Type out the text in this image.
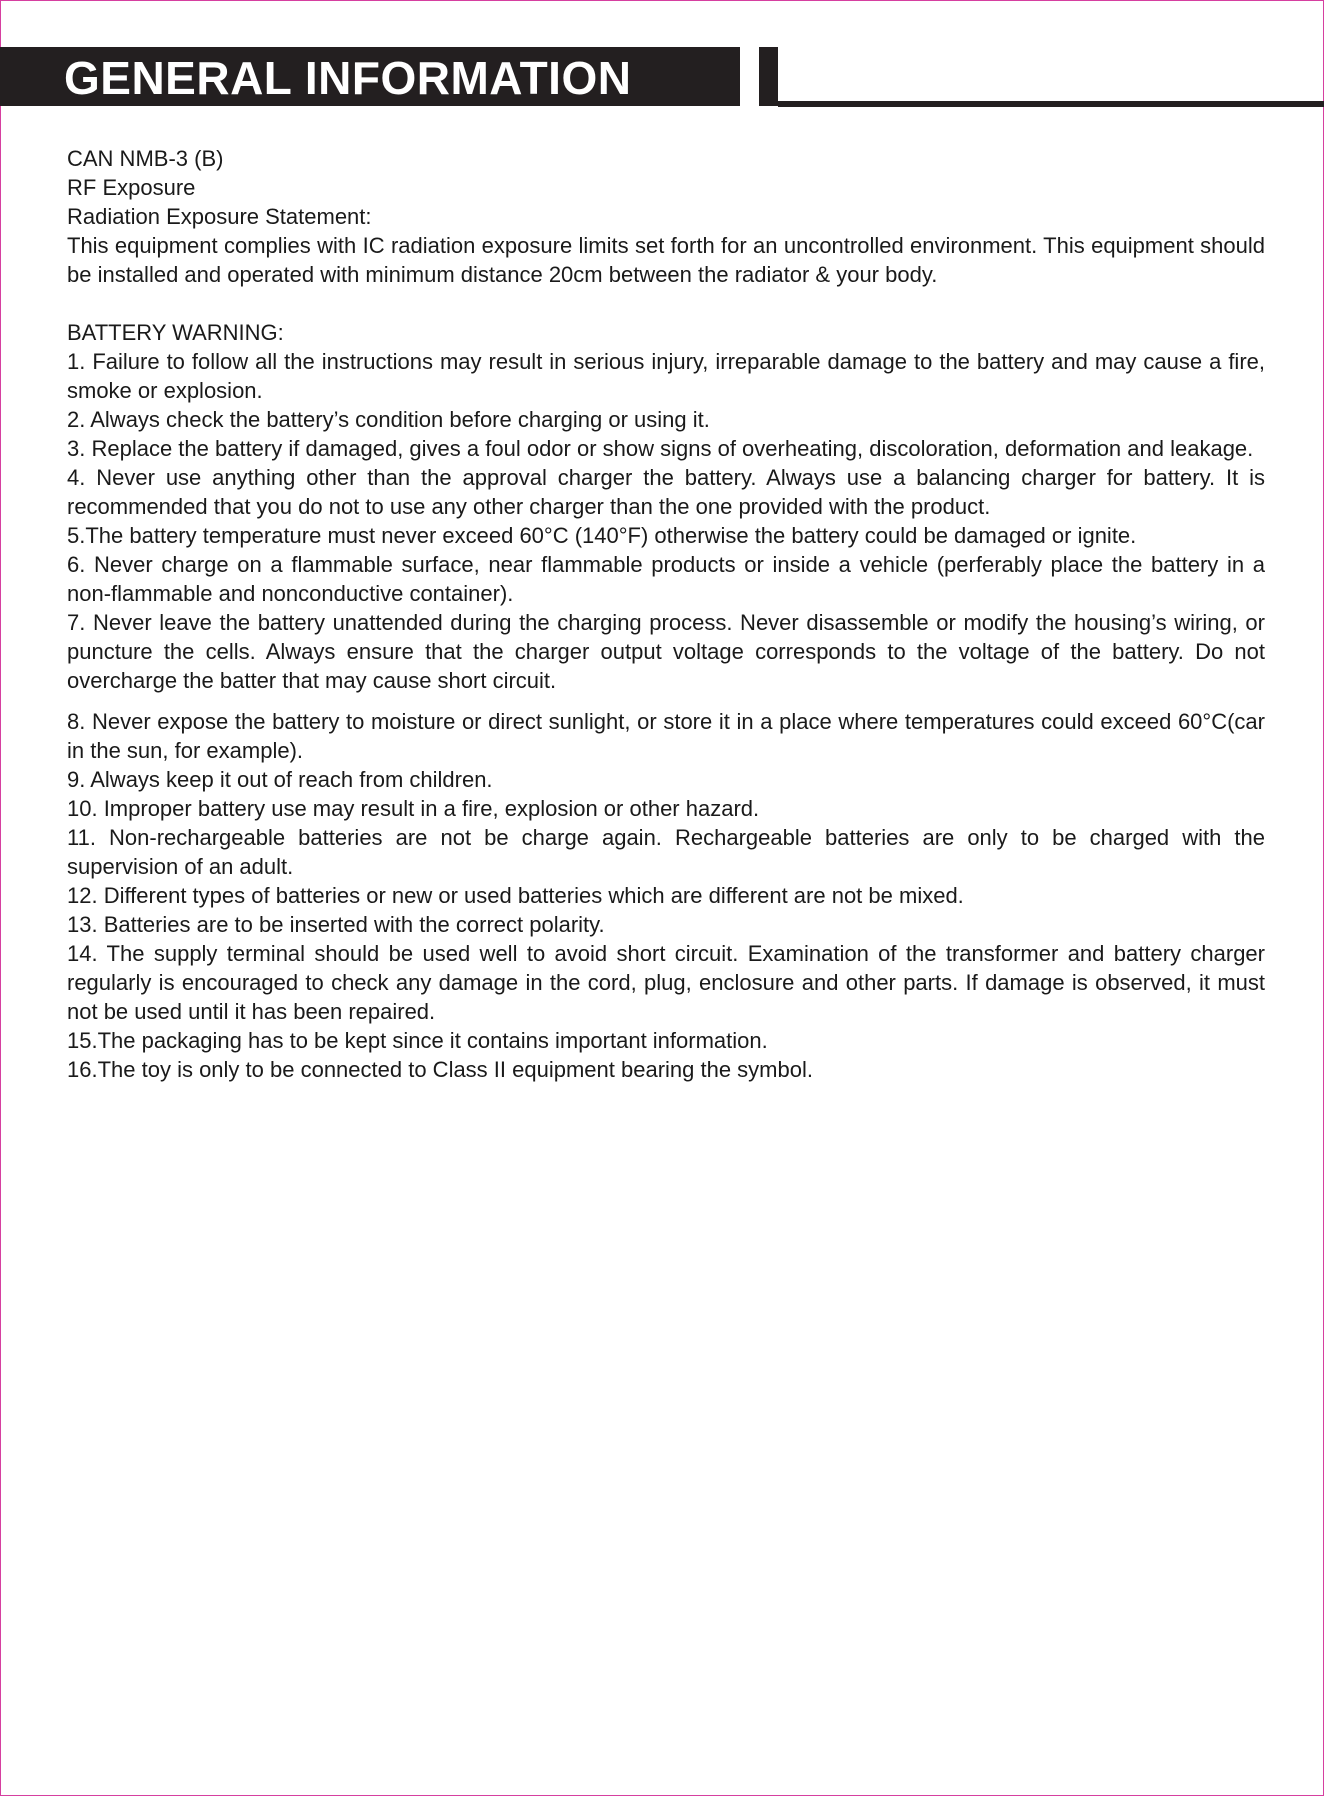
GENERAL INFORMATION

CAN NMB-3 (B)

RF Exposure

Radiation Exposure Statement:

This equipment complies with IC radiation exposure limits set forth for an uncontrolled environment. This equipment should be installed and operated with minimum distance 20cm between the radiator & your body.

BATTERY WARNING:

1. Failure to follow all the instructions may result in serious injury, irreparable damage to the battery and may cause a fire, smoke or explosion.

2. Always check the battery’s condition before charging or using it.

3. Replace the battery if damaged, gives a foul odor or show signs of overheating, discoloration, deformation and leakage.

4. Never use anything other than the approval charger the battery. Always use a balancing charger for battery. It is recommended that you do not to use any other charger than the one provided with the product.

5.The battery temperature must never exceed 60°C (140°F) otherwise the battery could be damaged or ignite.

6. Never charge on a flammable surface, near flammable products or inside a vehicle (perferably place the battery in a non-flammable and nonconductive container).

7. Never leave the battery unattended during the charging process. Never disassemble or modify the housing’s wiring, or puncture the cells. Always ensure that the charger output voltage corresponds to the voltage of the battery. Do not overcharge the batter that may cause short circuit.

8. Never expose the battery to moisture or direct sunlight, or store it in a place where temperatures could exceed 60°C(car in the sun, for example).

9. Always keep it out of reach from children.

10. Improper battery use may result in a fire, explosion or other hazard.

11. Non-rechargeable batteries are not be charge again. Rechargeable batteries are only to be charged with the supervision of an adult.

12. Different types of batteries or new or used batteries which are different are not be mixed.

13. Batteries are to be inserted with the correct polarity.

14. The supply terminal should be used well to avoid short circuit. Examination of the transformer and battery charger regularly is encouraged to check any damage in the cord, plug, enclosure and other parts. If damage is observed, it must not be used until it has been repaired.

15.The packaging has to be kept since it contains important information.

16.The toy is only to be connected to Class II equipment bearing the symbol.
